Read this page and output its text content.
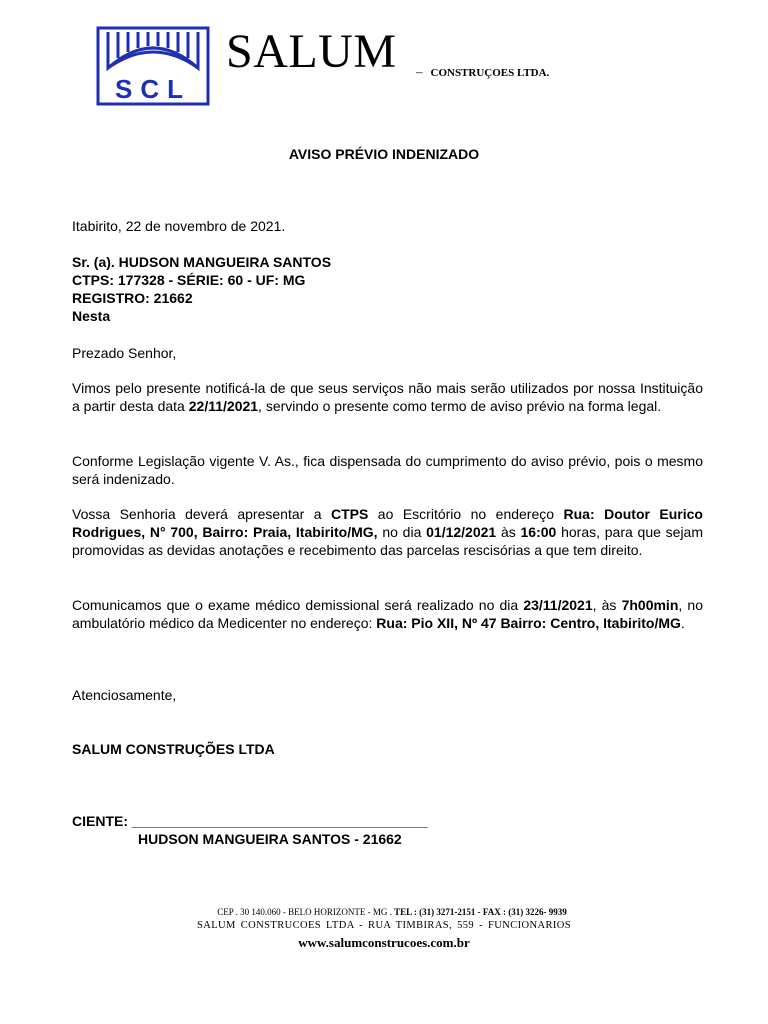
SCL
SALUM – CONSTRUÇOES LTDA.
AVISO PRÉVIO INDENIZADO
Itabirito, 22 de novembro de 2021.
Sr. (a). HUDSON MANGUEIRA SANTOS
CTPS: 177328 - SÉRIE: 60 - UF: MG
REGISTRO: 21662
Nesta
Prezado Senhor,

Vimos pelo presente notificá-la de que seus serviços não mais serão utilizados por nossa Instituição a partir desta data 22/11/2021, servindo o presente como termo de aviso prévio na forma legal.

Conforme Legislação vigente V. As., fica dispensada do cumprimento do aviso prévio, pois o mesmo será indenizado.

Vossa Senhoria deverá apresentar a CTPS ao Escritório no endereço Rua: Doutor Eurico Rodrigues, N° 700, Bairro: Praia, Itabirito/MG, no dia 01/12/2021 às 16:00 horas, para que sejam promovidas as devidas anotações e recebimento das parcelas rescisórias a que tem direito.

Comunicamos que o exame médico demissional será realizado no dia 23/11/2021, às 7h00min, no ambulatório médico da Medicenter no endereço: Rua: Pio XII, Nº 47 Bairro: Centro, Itabirito/MG.

Atenciosamente,
SALUM CONSTRUÇÕES LTDA
CIENTE: ______________________________________
HUDSON MANGUEIRA SANTOS - 21662
CEP . 30 140.060 - BELO HORIZONTE - MG . TEL : (31) 3271-2151 - FAX : (31) 3226- 9939
SALUM CONSTRUCOES LTDA - RUA TIMBIRAS, 559 - FUNCIONARIOS
www.salumconstrucoes.com.br
